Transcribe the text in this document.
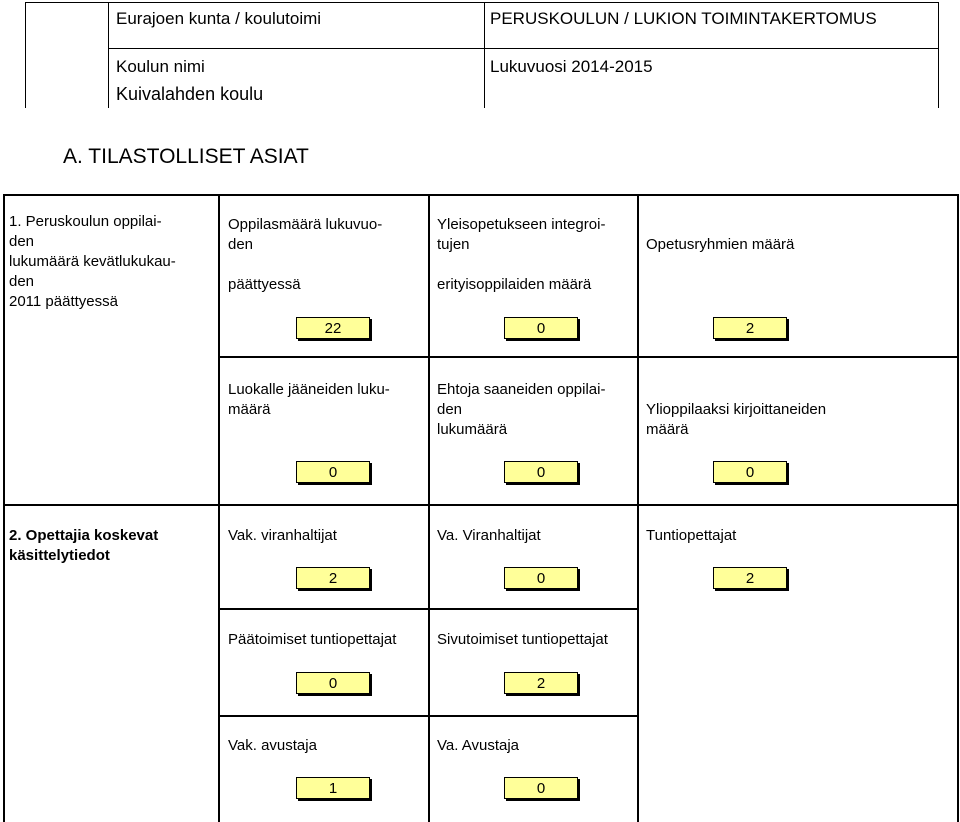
Eurajoen kunta / koulutoimi	PERUSKOULUN / LUKION TOIMINTAKERTOMUS
Koulun nimi
Kuivalahden koulu
Lukuvuosi 2014-2015
A. TILASTOLLISET ASIAT
1. Peruskoulun oppilai-
den
lukumäärä kevätlukukau-
den
2011 päättyessä
Oppilasmäärä lukuvuo-
den
päättyessä
22
Yleisopetukseen integroi-
tujen
erityisoppilaiden määrä
0
Opetusryhmien määrä
2
Luokalle jääneiden luku-
määrä
0
Ehtoja saaneiden oppilai-
den
lukumäärä
0
Ylioppilaaksi kirjoittaneiden
määrä
0
2. Opettajia koskevat
käsittelytiedot
Vak. viranhaltijat
2
Va. Viranhaltijat
0
Tuntiopettajat
2
Päätoimiset tuntiopettajat
0
Sivutoimiset tuntiopettajat
2
Vak. avustaja
1
Va. Avustaja
0
